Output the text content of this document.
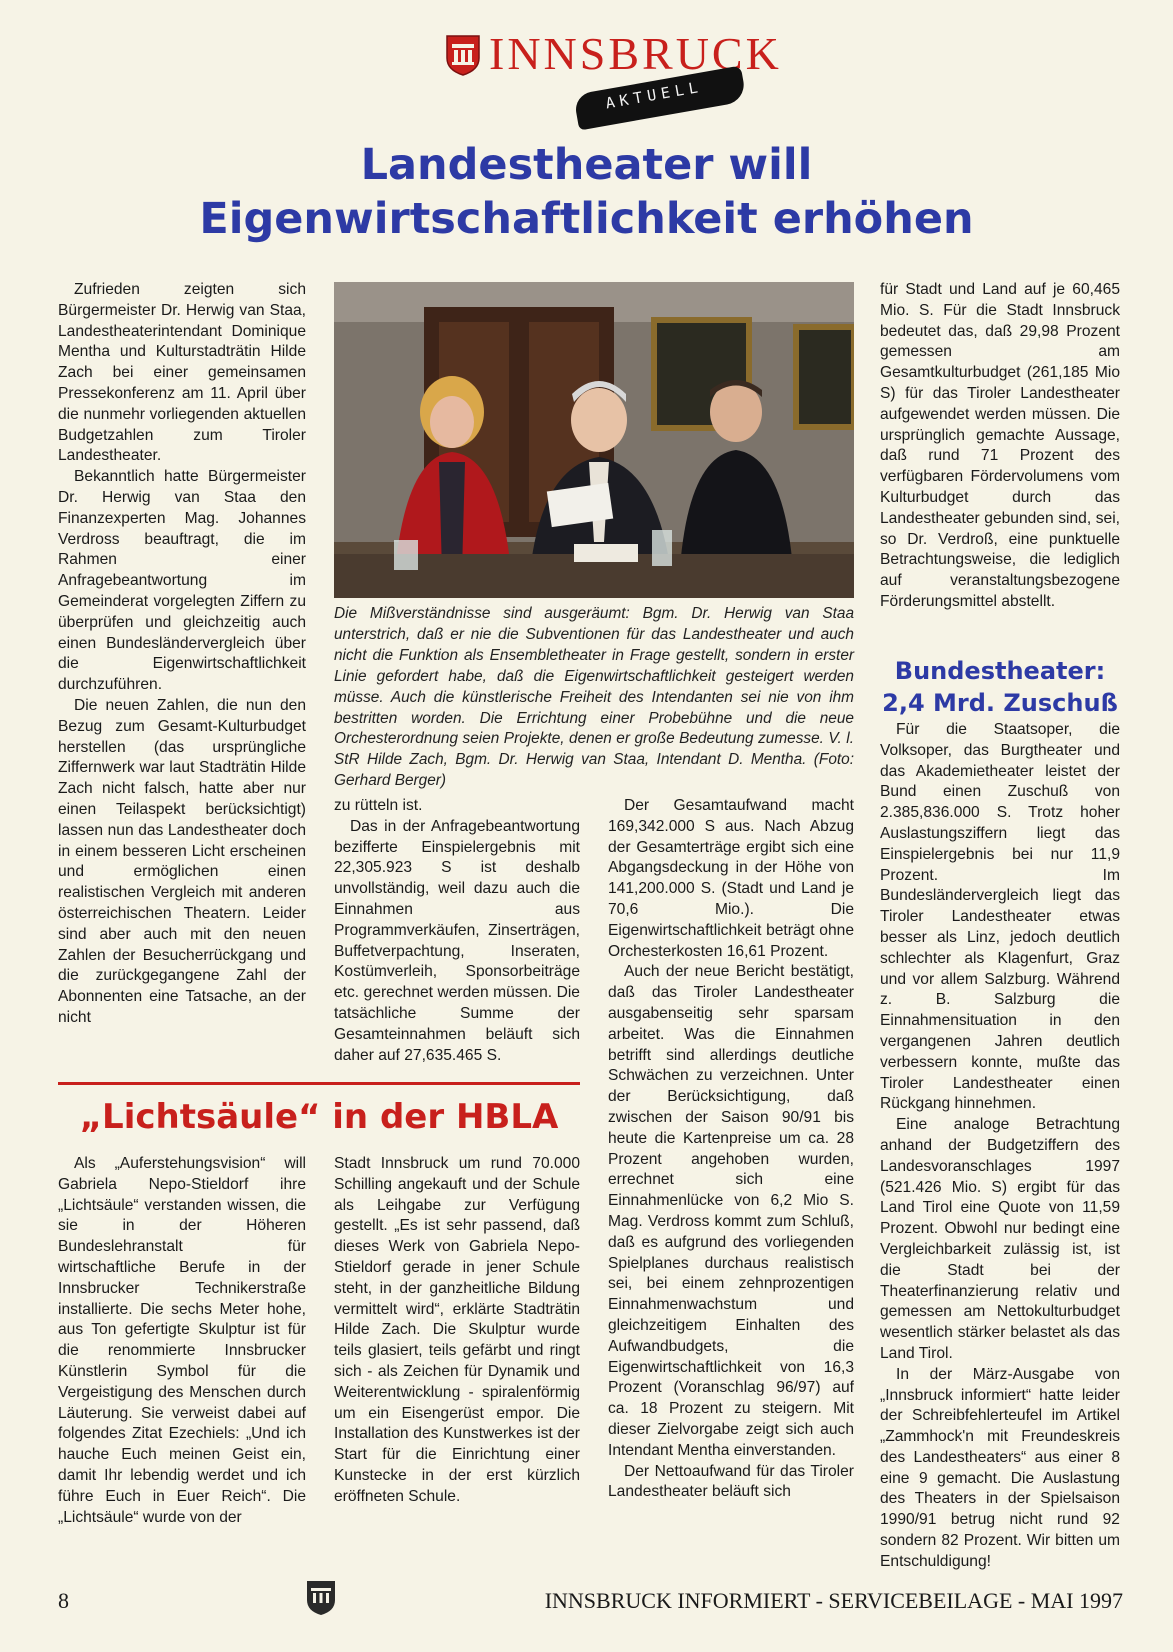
INNSBRUCK
AKTUELL
Landestheater will
Eigenwirtschaftlichkeit erhöhen

Zufrieden zeigten sich Bürgermeister Dr. Herwig van Staa, Landestheaterintendant Dominique Mentha und Kulturstadträtin Hilde Zach bei einer gemeinsamen Pressekonferenz am 11. April über die nunmehr vorliegenden aktuellen Budgetzahlen zum Tiroler Landestheater.

Bekanntlich hatte Bürgermeister Dr. Herwig van Staa den Finanzexperten Mag. Johannes Verdross beauftragt, die im Rahmen einer Anfragebeantwortung im Gemeinderat vorgelegten Ziffern zu überprüfen und gleichzeitig auch einen Bundesländervergleich über die Eigenwirtschaftlichkeit durchzuführen.

Die neuen Zahlen, die nun den Bezug zum Gesamt-Kulturbudget herstellen (das ursprüngliche Ziffernwerk war laut Stadträtin Hilde Zach nicht falsch, hatte aber nur einen Teilaspekt berücksichtigt) lassen nun das Landestheater doch in einem besseren Licht erscheinen und ermöglichen einen realistischen Vergleich mit anderen österreichischen Theatern. Leider sind aber auch mit den neuen Zahlen der Besucherrückgang und die zurückgegangene Zahl der Abonnenten eine Tatsache, an der nicht

Die Mißverständnisse sind ausgeräumt: Bgm. Dr. Herwig van Staa unterstrich, daß er nie die Subventionen für das Landestheater und auch nicht die Funktion als Ensembletheater in Frage gestellt, sondern in erster Linie gefordert habe, daß die Eigenwirtschaftlichkeit gesteigert werden müsse. Auch die künstlerische Freiheit des Intendanten sei nie von ihm bestritten worden. Die Errichtung einer Probebühne und die neue Orchesterordnung seien Projekte, denen er große Bedeutung zumesse. V. l. StR Hilde Zach, Bgm. Dr. Herwig van Staa, Intendant D. Mentha. (Foto: Gerhard Berger)

zu rütteln ist.

Das in der Anfragebeantwortung bezifferte Einspielergebnis mit 22,305.923 S ist deshalb unvollständig, weil dazu auch die Einnahmen aus Programmverkäufen, Zinserträgen, Buffetverpachtung, Inseraten, Kostümverleih, Sponsorbeiträge etc. gerechnet werden müssen. Die tatsächliche Summe der Gesamteinnahmen beläuft sich daher auf 27,635.465 S.

Der Gesamtaufwand macht 169,342.000 S aus. Nach Abzug der Gesamterträge ergibt sich eine Abgangsdeckung in der Höhe von 141,200.000 S. (Stadt und Land je 70,6 Mio.). Die Eigenwirtschaftlichkeit beträgt ohne Orchesterkosten 16,61 Prozent.

Auch der neue Bericht bestätigt, daß das Tiroler Landestheater ausgabenseitig sehr sparsam arbeitet. Was die Einnahmen betrifft sind allerdings deutliche Schwächen zu verzeichnen. Unter der Berücksichtigung, daß zwischen der Saison 90/91 bis heute die Kartenpreise um ca. 28 Prozent angehoben wurden, errechnet sich eine Einnahmenlücke von 6,2 Mio S. Mag. Verdross kommt zum Schluß, daß es aufgrund des vorliegenden Spielplanes durchaus realistisch sei, bei einem zehnprozentigen Einnahmenwachstum und gleichzeitigem Einhalten des Aufwandbudgets, die Eigenwirtschaftlichkeit von 16,3 Prozent (Voranschlag 96/97) auf ca. 18 Prozent zu steigern. Mit dieser Zielvorgabe zeigt sich auch Intendant Mentha einverstanden.

Der Nettoaufwand für das Tiroler Landestheater beläuft sich

für Stadt und Land auf je 60,465 Mio. S. Für die Stadt Innsbruck bedeutet das, daß 29,98 Prozent gemessen am Gesamtkulturbudget (261,185 Mio S) für das Tiroler Landestheater aufgewendet werden müssen. Die ursprünglich gemachte Aussage, daß rund 71 Prozent des verfügbaren Fördervolumens vom Kulturbudget durch das Landestheater gebunden sind, sei, so Dr. Verdroß, eine punktuelle Betrachtungsweise, die lediglich auf veranstaltungsbezogene Förderungsmittel abstellt.

Bundestheater:
2,4 Mrd. Zuschuß

Für die Staatsoper, die Volksoper, das Burgtheater und das Akademietheater leistet der Bund einen Zuschuß von 2.385,836.000 S. Trotz hoher Auslastungsziffern liegt das Einspielergebnis bei nur 11,9 Prozent. Im Bundesländervergleich liegt das Tiroler Landestheater etwas besser als Linz, jedoch deutlich schlechter als Klagenfurt, Graz und vor allem Salzburg. Während z. B. Salzburg die Einnahmensituation in den vergangenen Jahren deutlich verbessern konnte, mußte das Tiroler Landestheater einen Rückgang hinnehmen.

Eine analoge Betrachtung anhand der Budgetziffern des Landesvoranschlages 1997 (521.426 Mio. S) ergibt für das Land Tirol eine Quote von 11,59 Prozent. Obwohl nur bedingt eine Vergleichbarkeit zulässig ist, ist die Stadt bei der Theaterfinanzierung relativ und gemessen am Nettokulturbudget wesentlich stärker belastet als das Land Tirol.

In der März-Ausgabe von „Innsbruck informiert“ hatte leider der Schreibfehlerteufel im Artikel „Zammhock'n mit Freundeskreis des Landestheaters“ aus einer 8 eine 9 gemacht. Die Auslastung des Theaters in der Spielsaison 1990/91 betrug nicht rund 92 sondern 82 Prozent. Wir bitten um Entschuldigung!

„Lichtsäule“ in der HBLA

Als „Auferstehungsvision“ will Gabriela Nepo-Stieldorf ihre „Lichtsäule“ verstanden wissen, die sie in der Höheren Bundeslehranstalt für wirtschaftliche Berufe in der Innsbrucker Technikerstraße installierte. Die sechs Meter hohe, aus Ton gefertigte Skulptur ist für die renommierte Innsbrucker Künstlerin Symbol für die Vergeistigung des Menschen durch Läuterung. Sie verweist dabei auf folgendes Zitat Ezechiels: „Und ich hauche Euch meinen Geist ein, damit Ihr lebendig werdet und ich führe Euch in Euer Reich“. Die „Lichtsäule“ wurde von der

Stadt Innsbruck um rund 70.000 Schilling angekauft und der Schule als Leihgabe zur Verfügung gestellt. „Es ist sehr passend, daß dieses Werk von Gabriela Nepo-Stieldorf gerade in jener Schule steht, in der ganzheitliche Bildung vermittelt wird“, erklärte Stadträtin Hilde Zach. Die Skulptur wurde teils glasiert, teils gefärbt und ringt sich - als Zeichen für Dynamik und Weiterentwicklung - spiralenförmig um ein Eisengerüst empor. Die Installation des Kunstwerkes ist der Start für die Einrichtung einer Kunstecke in der erst kürzlich eröffneten Schule.

8	INNSBRUCK INFORMIERT - SERVICEBEILAGE - MAI 1997
